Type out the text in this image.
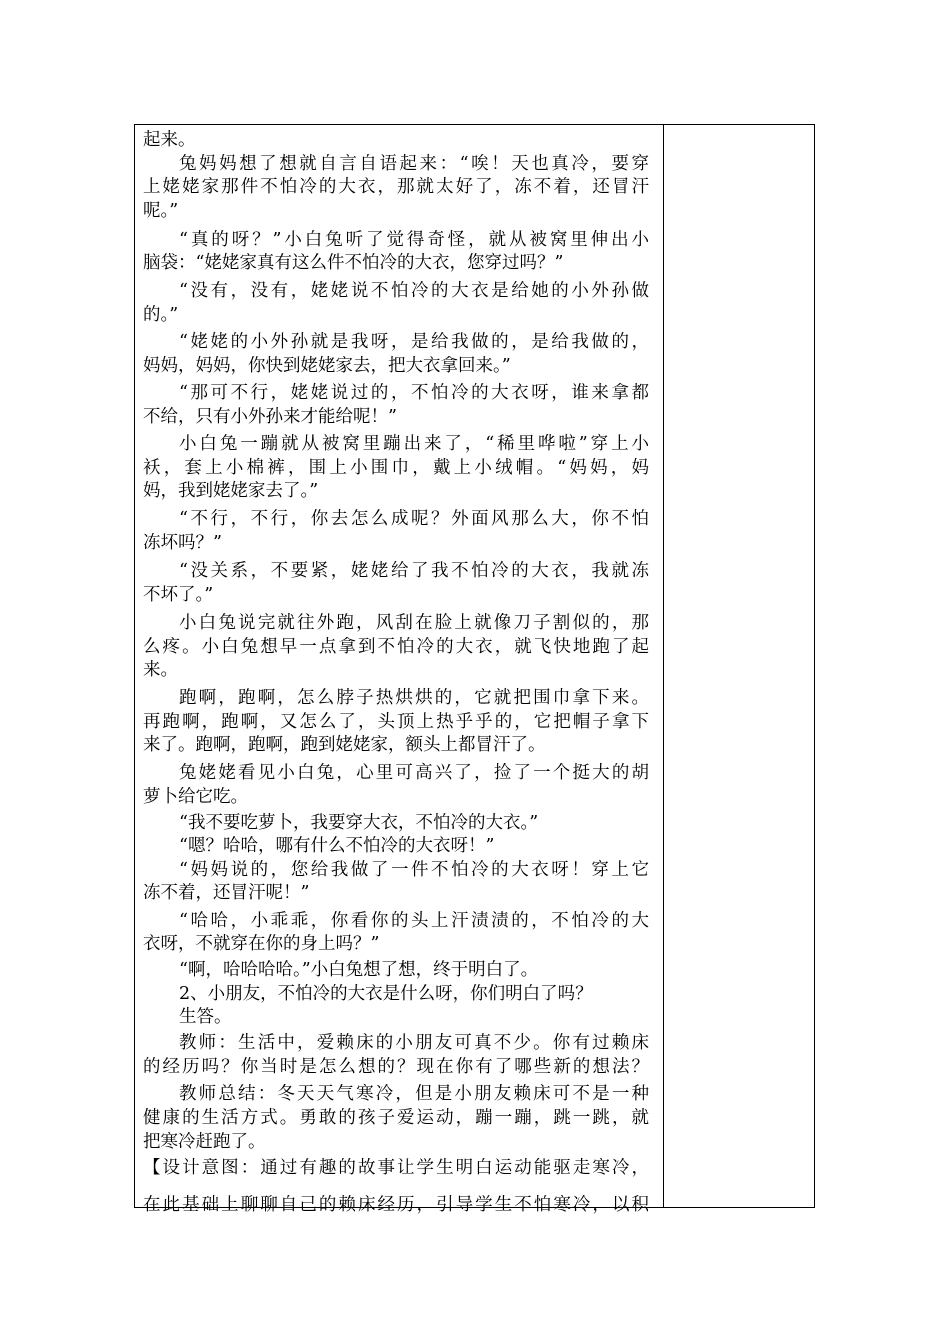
起来。
兔妈妈想了想就自言自语起来：“唉！天也真冷，要穿
上姥姥家那件不怕冷的大衣，那就太好了，冻不着，还冒汗
呢。”
“真的呀？”小白兔听了觉得奇怪，就从被窝里伸出小
脑袋：“姥姥家真有这么件不怕冷的大衣，您穿过吗？”
“没有，没有，姥姥说不怕冷的大衣是给她的小外孙做
的。”
“姥姥的小外孙就是我呀，是给我做的，是给我做的，
妈妈，妈妈，你快到姥姥家去，把大衣拿回来。”
“那可不行，姥姥说过的，不怕冷的大衣呀，谁来拿都
不给，只有小外孙来才能给呢！”
小白兔一蹦就从被窝里蹦出来了，“稀里哗啦”穿上小
袄，套上小棉裤，围上小围巾，戴上小绒帽。“妈妈，妈
妈，我到姥姥家去了。”
“不行，不行，你去怎么成呢？外面风那么大，你不怕
冻坏吗？”
“没关系，不要紧，姥姥给了我不怕冷的大衣，我就冻
不坏了。”
小白兔说完就往外跑，风刮在脸上就像刀子割似的，那
么疼。小白兔想早一点拿到不怕冷的大衣，就飞快地跑了起
来。
跑啊，跑啊，怎么脖子热烘烘的，它就把围巾拿下来。
再跑啊，跑啊，又怎么了，头顶上热乎乎的，它把帽子拿下
来了。跑啊，跑啊，跑到姥姥家，额头上都冒汗了。
兔姥姥看见小白兔，心里可高兴了，捡了一个挺大的胡
萝卜给它吃。
“我不要吃萝卜，我要穿大衣，不怕冷的大衣。”
“嗯？哈哈，哪有什么不怕冷的大衣呀！”
“妈妈说的，您给我做了一件不怕冷的大衣呀！穿上它
冻不着，还冒汗呢！”
“哈哈，小乖乖，你看你的头上汗渍渍的，不怕冷的大
衣呀，不就穿在你的身上吗？”
“啊，哈哈哈哈。”小白兔想了想，终于明白了。
2、小朋友，不怕冷的大衣是什么呀，你们明白了吗？
生答。
教师：生活中，爱赖床的小朋友可真不少。你有过赖床
的经历吗？你当时是怎么想的？现在你有了哪些新的想法？
教师总结：冬天天气寒冷，但是小朋友赖床可不是一种
健康的生活方式。勇敢的孩子爱运动，蹦一蹦，跳一跳，就
把寒冷赶跑了。
【设计意图：通过有趣的故事让学生明白运动能驱走寒冷，
在此基础上聊聊自己的赖床经历，引导学生不怕寒冷，以积
